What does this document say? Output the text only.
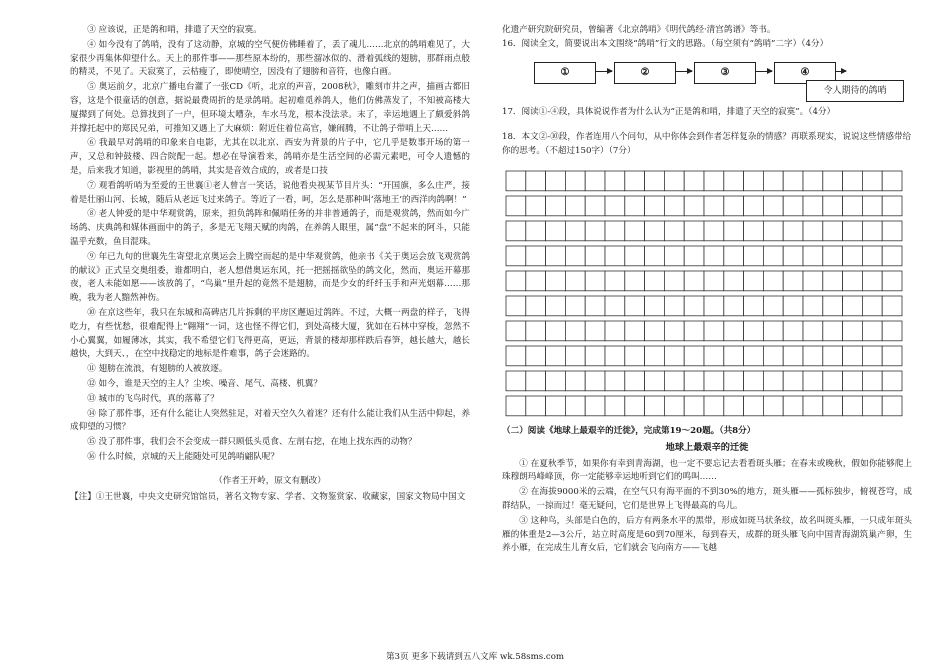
③ 应该说，正是鸽和哨，排遣了天空的寂寞。

④ 如今没有了鸽哨，没有了这动静，京城的空气便仿佛睡着了，丢了魂儿……北京的鸽哨难见了，大家很少再集体仰望什么。天上的那件事——那些原本纷的，那些溜冰似的、滑着弧线的翅膀，那群雨点般的精灵，不见了。天寂寞了，云枯瘦了，即使晴空，因没有了翅膀和音符，也像白画。

⑤ 奥运前夕，北京广播电台灌了一张CD《听，北京的声音，2008秋》，雕刻市井之声，描画古都旧容，这是个很童话的创意，据说最费周折的是录鸽哨。起初难觅养鸽人，他们仿佛蒸发了，不知被高楼大厦撵到了何处。总算找到了一户，但环境太嘈杂，车水马龙，根本没法录。末了，幸运地遇上了颇爱斜鸽并撑托起中的郑民兄弟，可推知又遇上了大麻烦：附近住着位高官，嫌闹腾，不让鸽子带哨上天……

⑥ 我最早对鸽哨的印象来自电影，尤其在以北京、西安为背景的片子中，它几乎是数事开场的第一声，又总和钟鼓楼、四合院配一起。想必在导演看来，鸽哨亦是生活空间的必需元素吧，可令人遗憾的是，后来我才知道，影视里的鸽哨，其实是音效合成的，或者是口技

⑦ 观看鸽听哨为至爱的王世襄①老人曾言一笑话，说他看央视某节目片头：“开国旗，多么庄严，接着是壮丽山河、长城，随后从老远飞过来鸽子。等近了一看，呵，怎么是那种叫‘落地王’的西洋肉鸽啊！”

⑧ 老人钟爱的是中华观赏鸽，原来，担负鸽阵和佩哨任务的并非普通鸽子，而是观赏鸽，然而如今广场鸽、庆典鸽和媒体画面中的鸽子，多是无飞翔天赋的肉鸽，在养鸽人眼里，属“盘”不起来的阿斗，只能温乎充数，鱼目混珠。

⑨ 年已九旬的世襄先生寄望北京奥运会上腾空而起的是中华观赏鸽，他亲书《关于奥运会放飞观赏鸽的献议》正式呈交奥组委，谁都明白，老人想借奥运东风，托一把摇摇欲坠的鸽文化，然而，奥运开幕那夜，老人未能如愿——该放鸽了，“鸟巢”里升起的竟然不是翅膀，而是少女的纤纤玉手和声光烟幕……那晚，我为老人黯然神伤。

⑩ 在京这些年，我只在东城和高碑店几片拆剩的平房区邂逅过鸽阵。不过，大概一两盘的样子，飞得吃力，有些忧愁，很难配得上“翱翔”一词，这也怪不得它们，到处高楼大厦，犹如在石林中穿梭，忽然不小心翼翼，如履薄冰，其实，我不希望它们飞得更高，更远，背景的楼却那样跌后春笋，越长越大，越长越快，大到天、，在空中找稳定的地标是件难事，鸽子会迷路的。

⑪ 翅膀在流浪，有翅膀的人被放逐。

⑫ 如今，谁是天空的主人？尘埃、噪音、尾气、高楼、机翼？

⑬ 城市的飞鸟时代，真的落幕了？

⑭ 除了那件事，还有什么能让人突然驻足，对着天空久久着迷？还有什么能让我们从生活中仰起，养成仰望的习惯？

⑮ 没了那件事，我们会不会变成一群只顾低头觅食、左剖右挖，在地上找东西的动物？

⑯ 什么时候，京城的天上能随处可见鸽哨翩队呢？

（作者王开岭，原文有删改）

【注】①王世襄，中央文史研究馆馆员，著名文物专家、学者、文物鉴赏家、收藏家，国家文物局中国文

化遗产研究院研究员，曾编著《北京鸽哨》《明代鸽经·清宫鸽谱》等书。

16．阅读全文，简要说出本文围绕“鸽哨”行文的思路。（每空须有“鸽哨”二字）（4分）

①	②	③	④
令人期待的鸽哨

17．阅读①-④段，具体说说作者为什么认为“正是鸽和哨，排遣了天空的寂寞”。（4分）

18．本文②-⑩段，作者连用八个问句，从中你体会到作者怎样复杂的情感？再联系现实，说说这些情感带给你的思考。（不超过150字）（7分）

（二）阅读《地球上最艰辛的迁徙》，完成第19～20题。（共8分）

地球上最艰辛的迁徙

① 在夏秋季节，如果你有幸到青海湖，也一定不要忘记去看看斑头雁；在春末或晚秋，假如你能够爬上珠穆朗玛峰峰顶，你一定能够幸运地听到它们的鸣叫……

② 在海拔9000米的云端，在空气只有海平面的不到30%的地方，斑头雁——孤标独步，俯视苍穹，成群结队，一掠而过！毫无疑问，它们是世界上飞得最高的鸟儿。

③ 这种鸟，头部是白色的，后方有两条水平的黑带，形成如斑马状条纹，故名叫斑头雁，一只成年斑头雁的体重是2—3公斤，站立时高度是60到70厘米，每到春天，成群的斑头雁飞向中国青海湖筑巢产卵，生养小雁，在完成生儿育女后，它们就会飞向南方——飞越

第3页 更多下载请到五八文库 wk.58sms.com
